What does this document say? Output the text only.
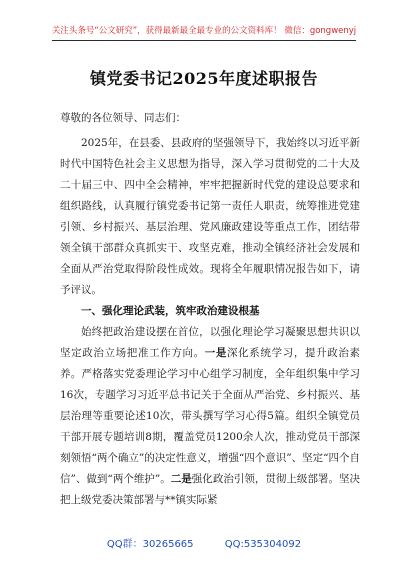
关注头条号“公文研究”，获得最新最全最专业的公文资料库！ 微信：gongwenyj
镇党委书记2025年度述职报告

尊敬的各位领导、同志们：

2025年，在县委、县政府的坚强领导下，我始终以习近平新时代中国特色社会主义思想为指导，深入学习贯彻党的二十大及二十届三中、四中全会精神，牢牢把握新时代党的建设总要求和组织路线，认真履行镇党委书记第一责任人职责，统筹推进党建引领、乡村振兴、基层治理、党风廉政建设等重点工作，团结带领全镇干部群众真抓实干、攻坚克难，推动全镇经济社会发展和全面从严治党取得阶段性成效。现将全年履职情况报告如下，请予评议。

一、强化理论武装，筑牢政治建设根基

始终把政治建设摆在首位，以强化理论学习凝聚思想共识以坚定政治立场把准工作方向。一是深化系统学习，提升政治素养。严格落实党委理论学习中心组学习制度，全年组织集中学习16次，专题学习习近平总书记关于全面从严治党、乡村振兴、基层治理等重要论述10次，带头撰写学习心得5篇。组织全镇党员干部开展专题培训8期，覆盖党员1200余人次，推动党员干部深刻领悟“两个确立”的决定性意义，增强“四个意识”、坚定“四个自信”、做到“两个维护”。二是强化政治引领，贯彻上级部署。坚决把上级党委决策部署与**镇实际紧

QQ群：30265665	QQ:535304092
